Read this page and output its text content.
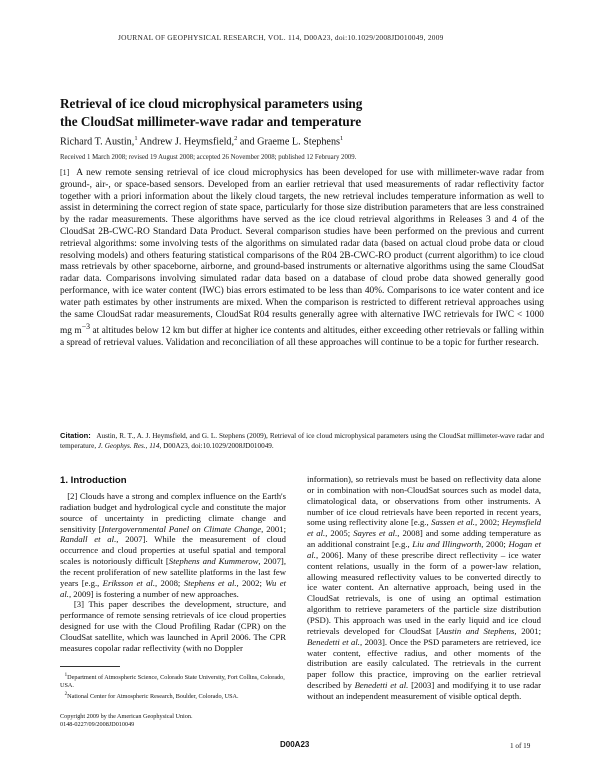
JOURNAL OF GEOPHYSICAL RESEARCH, VOL. 114, D00A23, doi:10.1029/2008JD010049, 2009
Retrieval of ice cloud microphysical parameters using
the CloudSat millimeter-wave radar and temperature
Richard T. Austin,$^1$ Andrew J. Heymsfield,$^2$ and Graeme L. Stephens$^1$
Received 1 March 2008; revised 19 August 2008; accepted 26 November 2008; published 12 February 2009.
[1] A new remote sensing retrieval of ice cloud microphysics has been developed for use with millimeter-wave radar from ground-, air-, or space-based sensors. Developed from an earlier retrieval that used measurements of radar reflectivity factor together with a priori information about the likely cloud targets, the new retrieval includes temperature information as well to assist in determining the correct region of state space, particularly for those size distribution parameters that are less constrained by the radar measurements. These algorithms have served as the ice cloud retrieval algorithms in Releases 3 and 4 of the CloudSat 2B-CWC-RO Standard Data Product. Several comparison studies have been performed on the previous and current retrieval algorithms: some involving tests of the algorithms on simulated radar data (based on actual cloud probe data or cloud resolving models) and others featuring statistical comparisons of the R04 2B-CWC-RO product (current algorithm) to ice cloud mass retrievals by other spaceborne, airborne, and ground-based instruments or alternative algorithms using the same CloudSat radar data. Comparisons involving simulated radar data based on a database of cloud probe data showed generally good performance, with ice water content (IWC) bias errors estimated to be less than 40%. Comparisons to ice water content and ice water path estimates by other instruments are mixed. When the comparison is restricted to different retrieval approaches using the same CloudSat radar measurements, CloudSat R04 results generally agree with alternative IWC retrievals for IWC < 1000 mg $m^{-3}$ at altitudes below 12 km but differ at higher ice contents and altitudes, either exceeding other retrievals or falling within a spread of retrieval values. Validation and reconciliation of all these approaches will continue to be a topic for further research.
Citation: Austin, R. T., A. J. Heymsfield, and G. L. Stephens (2009), Retrieval of ice cloud microphysical parameters using the CloudSat millimeter-wave radar and temperature, J. Geophys. Res., 114, D00A23, doi:10.1029/2008JD010049.
1. Introduction
[2] Clouds have a strong and complex influence on the Earth's radiation budget and hydrological cycle and constitute the major source of uncertainty in predicting climate change and sensitivity [Intergovernmental Panel on Climate Change, 2001; Randall et al., 2007]. While the measurement of cloud occurrence and cloud properties at useful spatial and temporal scales is notoriously difficult [Stephens and Kummerow, 2007], the recent proliferation of new satellite platforms in the last few years [e.g., Eriksson et al., 2008; Stephens et al., 2002; Wu et al., 2009] is fostering a number of new approaches.
[3] This paper describes the development, structure, and performance of remote sensing retrievals of ice cloud properties designed for use with the Cloud Profiling Radar (CPR) on the CloudSat satellite, which was launched in April 2006. The CPR measures copolar radar reflectivity (with no Doppler
information), so retrievals must be based on reflectivity data alone or in combination with non-CloudSat sources such as model data, climatological data, or observations from other instruments. A number of ice cloud retrievals have been reported in recent years, some using reflectivity alone [e.g., Sassen et al., 2002; Heymsfield et al., 2005; Sayres et al., 2008] and some adding temperature as an additional constraint [e.g., Liu and Illingworth, 2000; Hogan et al., 2006]. Many of these prescribe direct reflectivity – ice water content relations, usually in the form of a power-law relation, allowing measured reflectivity values to be converted directly to ice water content. An alternative approach, being used in the CloudSat retrievals, is one of using an optimal estimation algorithm to retrieve parameters of the particle size distribution (PSD). This approach was used in the early liquid and ice cloud retrievals developed for CloudSat [Austin and Stephens, 2001; Benedetti et al., 2003]. Once the PSD parameters are retrieved, ice water content, effective radius, and other moments of the distribution are easily calculated. The retrievals in the current paper follow this practice, improving on the earlier retrieval described by Benedetti et al. [2003] and modifying it to use radar without an independent measurement of visible optical depth.
$^1$Department of Atmospheric Science, Colorado State University, Fort Collins, Colorado, USA.
$^2$National Center for Atmospheric Research, Boulder, Colorado, USA.
Copyright 2009 by the American Geophysical Union.
0148-0227/09/2008JD010049
D00A23	1 of 19
